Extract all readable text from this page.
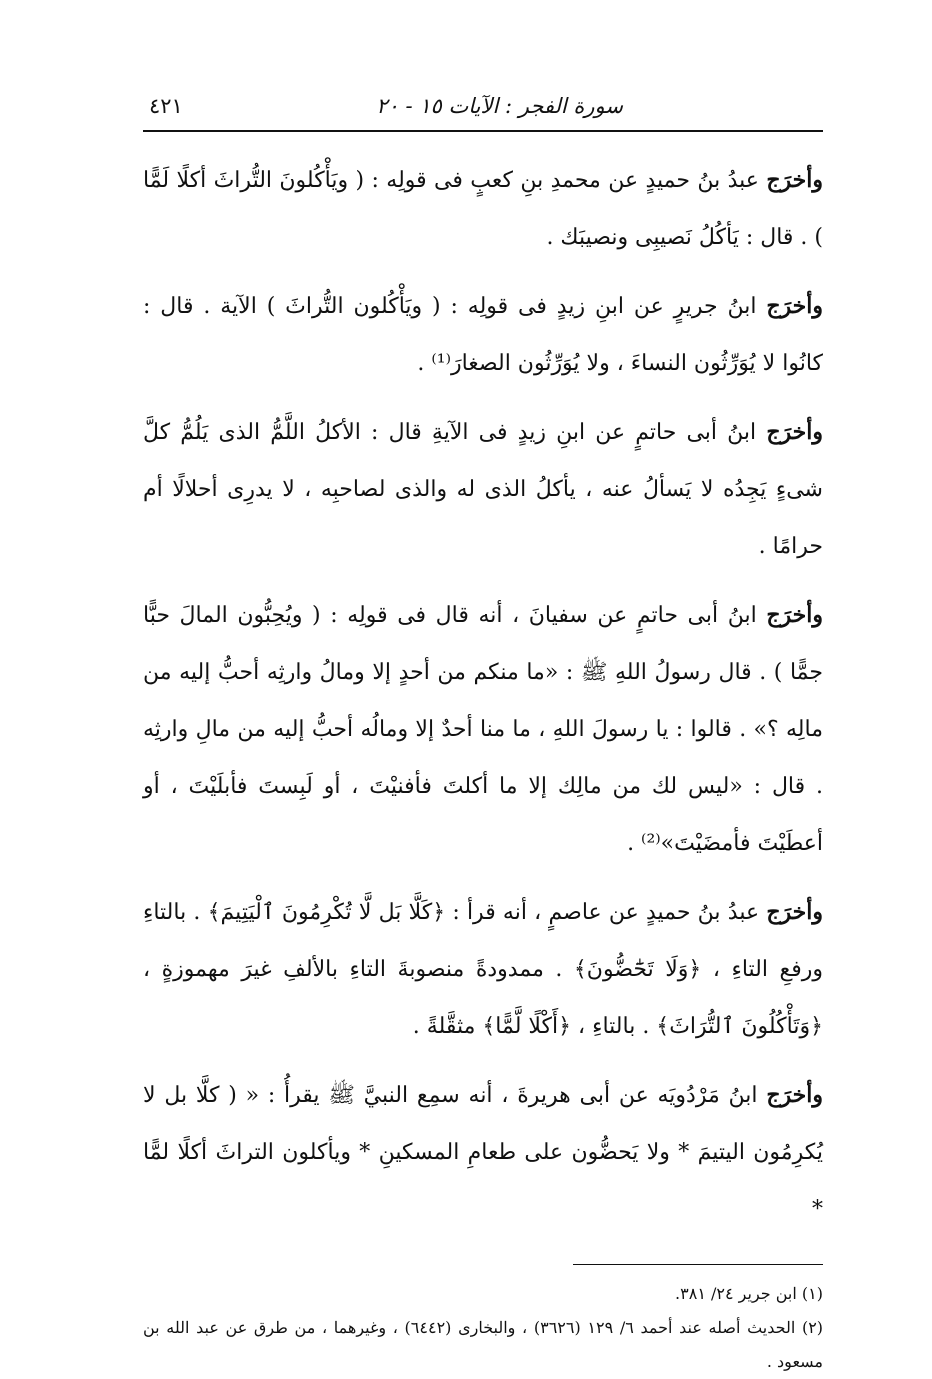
سورة الفجر : الآيات ١٥ - ٢٠
٤٢١

وأخرَج عبدُ بنُ حميدٍ عن محمدِ بنِ كعبٍ فى قولِه : ( ويَأْكُلونَ التُّراثَ أكلًا لَمًّا ) . قال : يَأكُلُ نَصيبِى ونصيبَك .

وأخرَج ابنُ جريرٍ عن ابنِ زيدٍ فى قولِه : ( ويَأْكُلون التُّراثَ ) الآية . قال : كانُوا لا يُوَرِّثُون النساءَ ، ولا يُوَرِّثُون الصغارَ⁽¹⁾ .

وأخرَج ابنُ أبى حاتمٍ عن ابنِ زيدٍ فى الآيةِ قال : الأكلُ اللَّمُّ الذى يَلُمُّ كلَّ شىءٍ يَجِدُه لا يَسألُ عنه ، يأكلُ الذى له والذى لصاحبِه ، لا يدرِى أحلالًا أم حرامًا .

وأخرَج ابنُ أبى حاتمٍ عن سفيانَ ، أنه قال فى قولِه : ( ويُحِبُّون المالَ حبًّا جمًّا ) . قال رسولُ اللهِ ﷺ : «ما منكم من أحدٍ إلا ومالُ وارثِه أحبُّ إليه من مالِه ؟» . قالوا : يا رسولَ اللهِ ، ما منا أحدٌ إلا ومالُه أحبُّ إليه من مالِ وارثِه . قال : «ليس لك من مالِك إلا ما أكلتَ فأفنيْتَ ، أو لَبِستَ فأبلَيْتَ ، أو أعطَيْتَ فأمضَيْتَ»⁽²⁾ .

وأخرَج عبدُ بنُ حميدٍ عن عاصمٍ ، أنه قرأ : ﴿كَلَّا بَل لَّا تُكْرِمُونَ ٱلْيَتِيمَ﴾ . بالتاءِ ورفعِ التاءِ ، ﴿وَلَا تَحَٰٓضُّونَ﴾ . ممدودةً منصوبةَ التاءِ بالألفِ غيرَ مهموزةٍ ، ﴿وَتَأْكُلُونَ ٱلتُّرَاثَ﴾ . بالتاءِ ، ﴿أَكْلًا لَّمًّا﴾ مثقَّلةً .

وأخرَج ابنُ مَرْدُويَه عن أبى هريرةَ ، أنه سمِع النبيَّ ﷺ يقرأُ : « ( كلَّا بل لا يُكرِمُون اليتيمَ * ولا يَحضُّون على طعامِ المسكينِ * ويأكلون التراثَ أكلًا لمًّا *

(١) ابن جرير ٢٤/ ٣٨١.

(٢) الحديث أصله عند أحمد ٦/ ١٢٩ (٣٦٢٦) ، والبخارى (٦٤٤٢) ، وغيرهما ، من طرق عن عبد الله بن مسعود .
